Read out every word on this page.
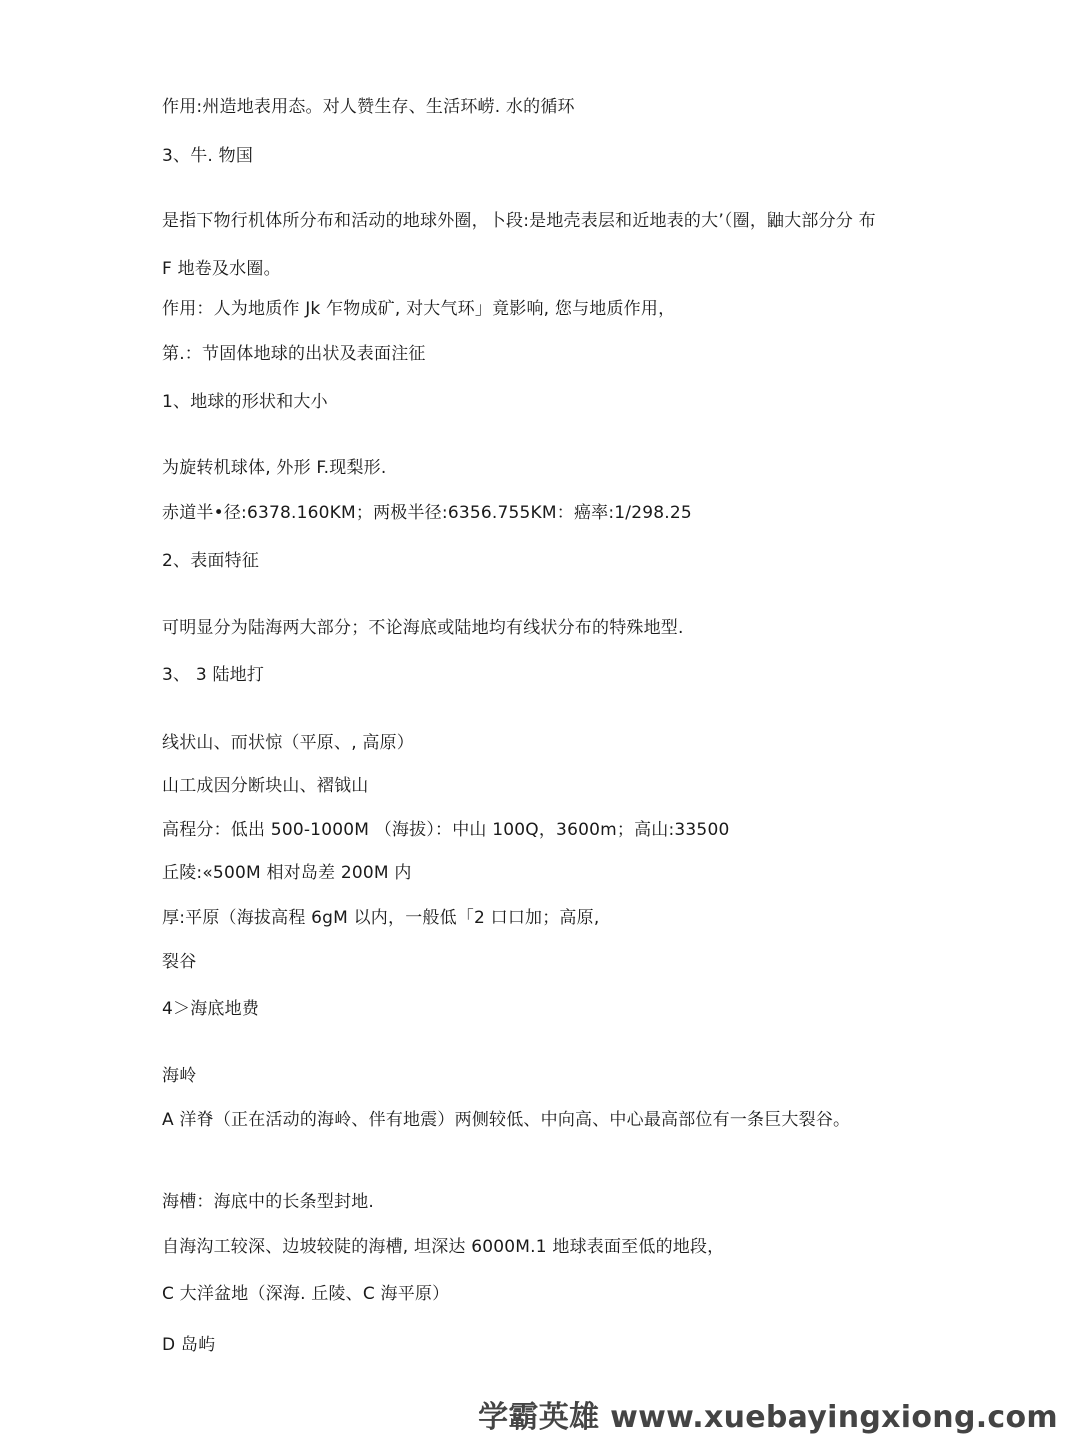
作用:州造地表用态。对人赞生存、生活环崂. 水的循环
3、牛. 物国
是指下物行机体所分布和活动的地球外圈，卜段:是地壳表层和近地表的大’（圈，鼬大部分分 布
F 地卷及水圈。
作用：人为地质作 Jk 乍物成矿, 对大气环」竟影响, 您与地质作用，
第.：节固体地球的出状及表面注征
1、地球的形状和大小
为旋转机球体, 外形 F.现梨形.
赤道半•径:6378.160KM；两极半径:6356.755KM：癌率:1/298.25
2、表面特征
可明显分为陆海两大部分；不论海底或陆地均有线状分布的特殊地型.
3、 3 陆地打
线状山、而状惊（平原、, 高原）
山工成因分断块山、褶钺山
高程分：低出 500-1000M （海拔）：中山 100Q，3600m；高山:33500
丘陵:«500M 相对岛差 200M 内
厚:平原（海拔高程 6gM 以内，一般低「2 口口加；高原,
裂谷
4＞海底地费
海岭
A 洋脊（正在活动的海岭、伴有地震）两侧较低、中向高、中心最高部位有一条巨大裂谷。
海槽：海底中的长条型封地.
自海沟工较深、边坡较陡的海槽, 坦深达 6000M.1 地球表面至低的地段，
C 大洋盆地（深海. 丘陵、C 海平原）
D 岛屿
学霸英雄 www.xuebayingxiong.com
